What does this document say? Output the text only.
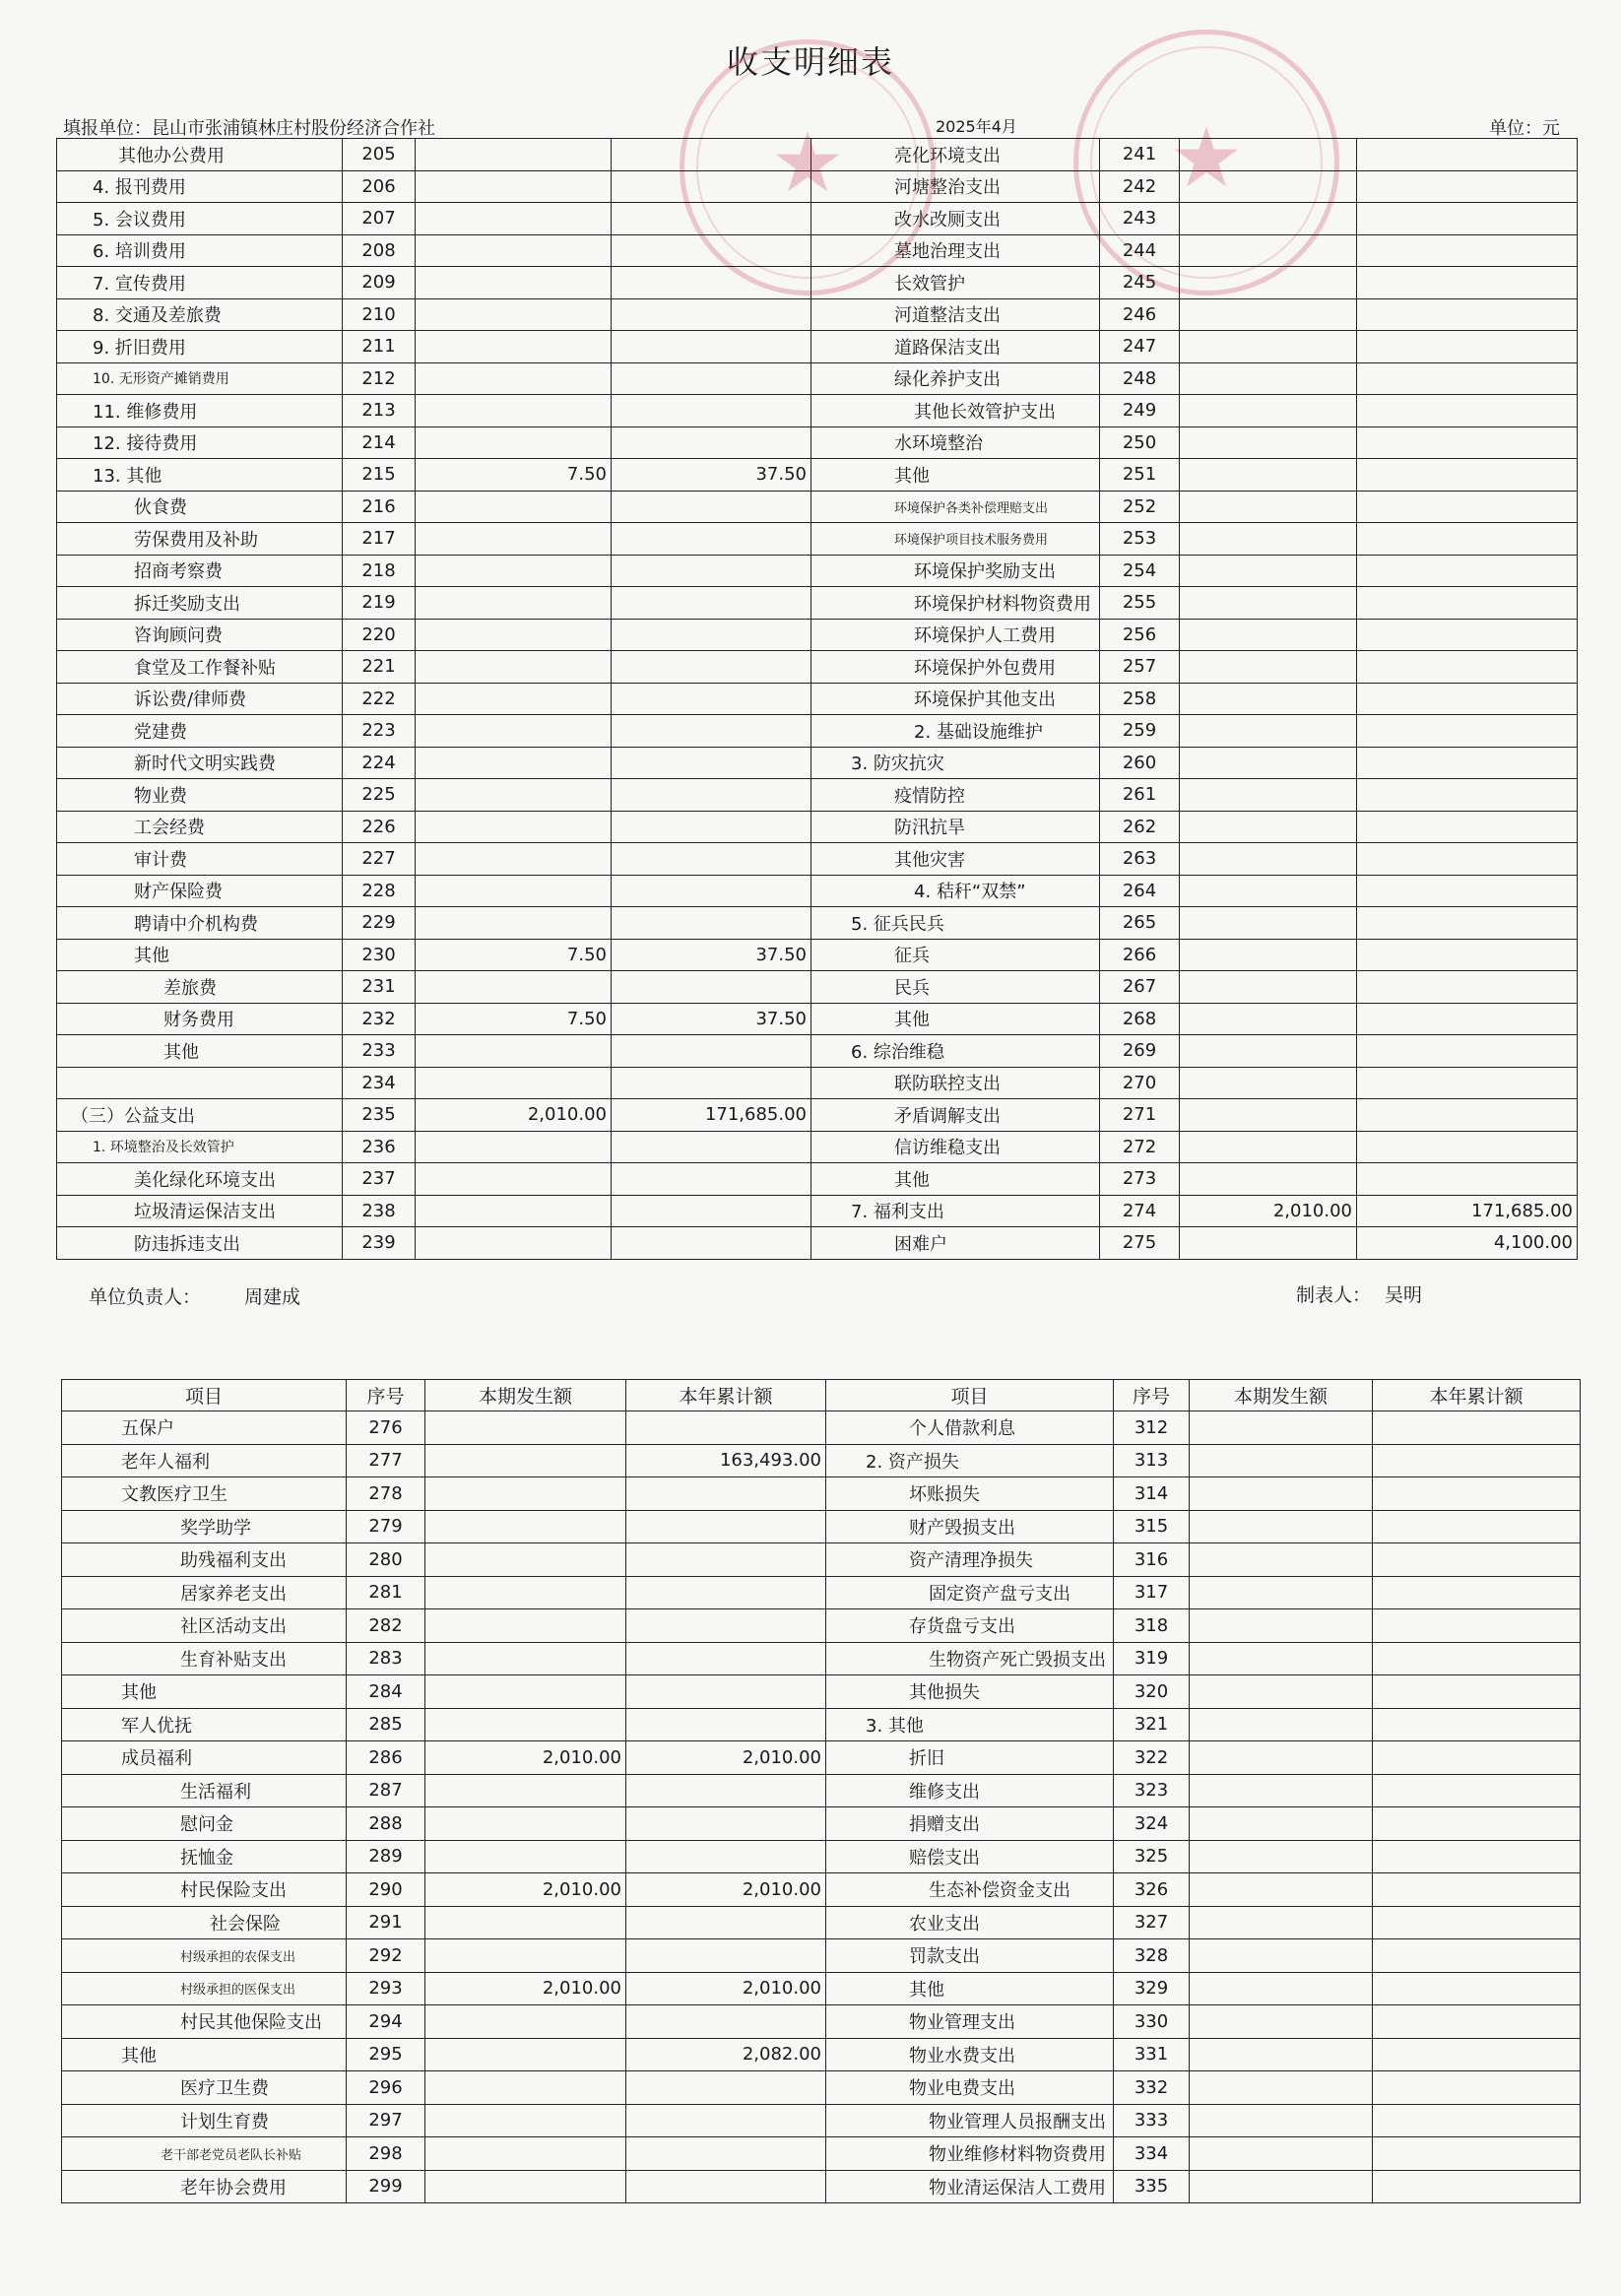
收支明细表
填报单位：昆山市张浦镇林庄村股份经济合作社	2025年4月	单位：元
★	★
其他办公费用	205			亮化环境支出	241		
4. 报刊费用	206			河塘整治支出	242		
5. 会议费用	207			改水改厕支出	243		
6. 培训费用	208			墓地治理支出	244		
7. 宣传费用	209			长效管护	245		
8. 交通及差旅费	210			河道整洁支出	246		
9. 折旧费用	211			道路保洁支出	247		
10. 无形资产摊销费用	212			绿化养护支出	248		
11. 维修费用	213			其他长效管护支出	249		
12. 接待费用	214			水环境整治	250		
13. 其他	215	7.50	37.50	其他	251		
伙食费	216			环境保护各类补偿理赔支出	252		
劳保费用及补助	217			环境保护项目技术服务费用	253		
招商考察费	218			环境保护奖励支出	254		
拆迁奖励支出	219			环境保护材料物资费用	255		
咨询顾问费	220			环境保护人工费用	256		
食堂及工作餐补贴	221			环境保护外包费用	257		
诉讼费/律师费	222			环境保护其他支出	258		
党建费	223			2. 基础设施维护	259		
新时代文明实践费	224			3. 防灾抗灾	260		
物业费	225			疫情防控	261		
工会经费	226			防汛抗旱	262		
审计费	227			其他灾害	263		
财产保险费	228			4. 秸秆“双禁”	264		
聘请中介机构费	229			5. 征兵民兵	265		
其他	230	7.50	37.50	征兵	266		
差旅费	231			民兵	267		
财务费用	232	7.50	37.50	其他	268		
其他	233			6. 综治维稳	269		
	234			联防联控支出	270		
（三）公益支出	235	2,010.00	171,685.00	矛盾调解支出	271		
1. 环境整治及长效管护	236			信访维稳支出	272		
美化绿化环境支出	237			其他	273		
垃圾清运保洁支出	238			7. 福利支出	274	2,010.00	171,685.00
防违拆违支出	239			困难户	275		4,100.00
单位负责人： 周建成	制表人： 吴明
项目	序号	本期发生额	本年累计额	项目	序号	本期发生额	本年累计额
五保户	276			个人借款利息	312		
老年人福利	277		163,493.00	2. 资产损失	313		
文教医疗卫生	278			坏账损失	314		
奖学助学	279			财产毁损支出	315		
助残福利支出	280			资产清理净损失	316		
居家养老支出	281			固定资产盘亏支出	317		
社区活动支出	282			存货盘亏支出	318		
生育补贴支出	283			生物资产死亡毁损支出	319		
其他	284			其他损失	320		
军人优抚	285			3. 其他	321		
成员福利	286	2,010.00	2,010.00	折旧	322		
生活福利	287			维修支出	323		
慰问金	288			捐赠支出	324		
抚恤金	289			赔偿支出	325		
村民保险支出	290	2,010.00	2,010.00	生态补偿资金支出	326		
社会保险	291			农业支出	327		
村级承担的农保支出	292			罚款支出	328		
村级承担的医保支出	293	2,010.00	2,010.00	其他	329		
村民其他保险支出	294			物业管理支出	330		
其他	295		2,082.00	物业水费支出	331		
医疗卫生费	296			物业电费支出	332		
计划生育费	297			物业管理人员报酬支出	333		
老干部老党员老队长补贴	298			物业维修材料物资费用	334		
老年协会费用	299			物业清运保洁人工费用	335		
